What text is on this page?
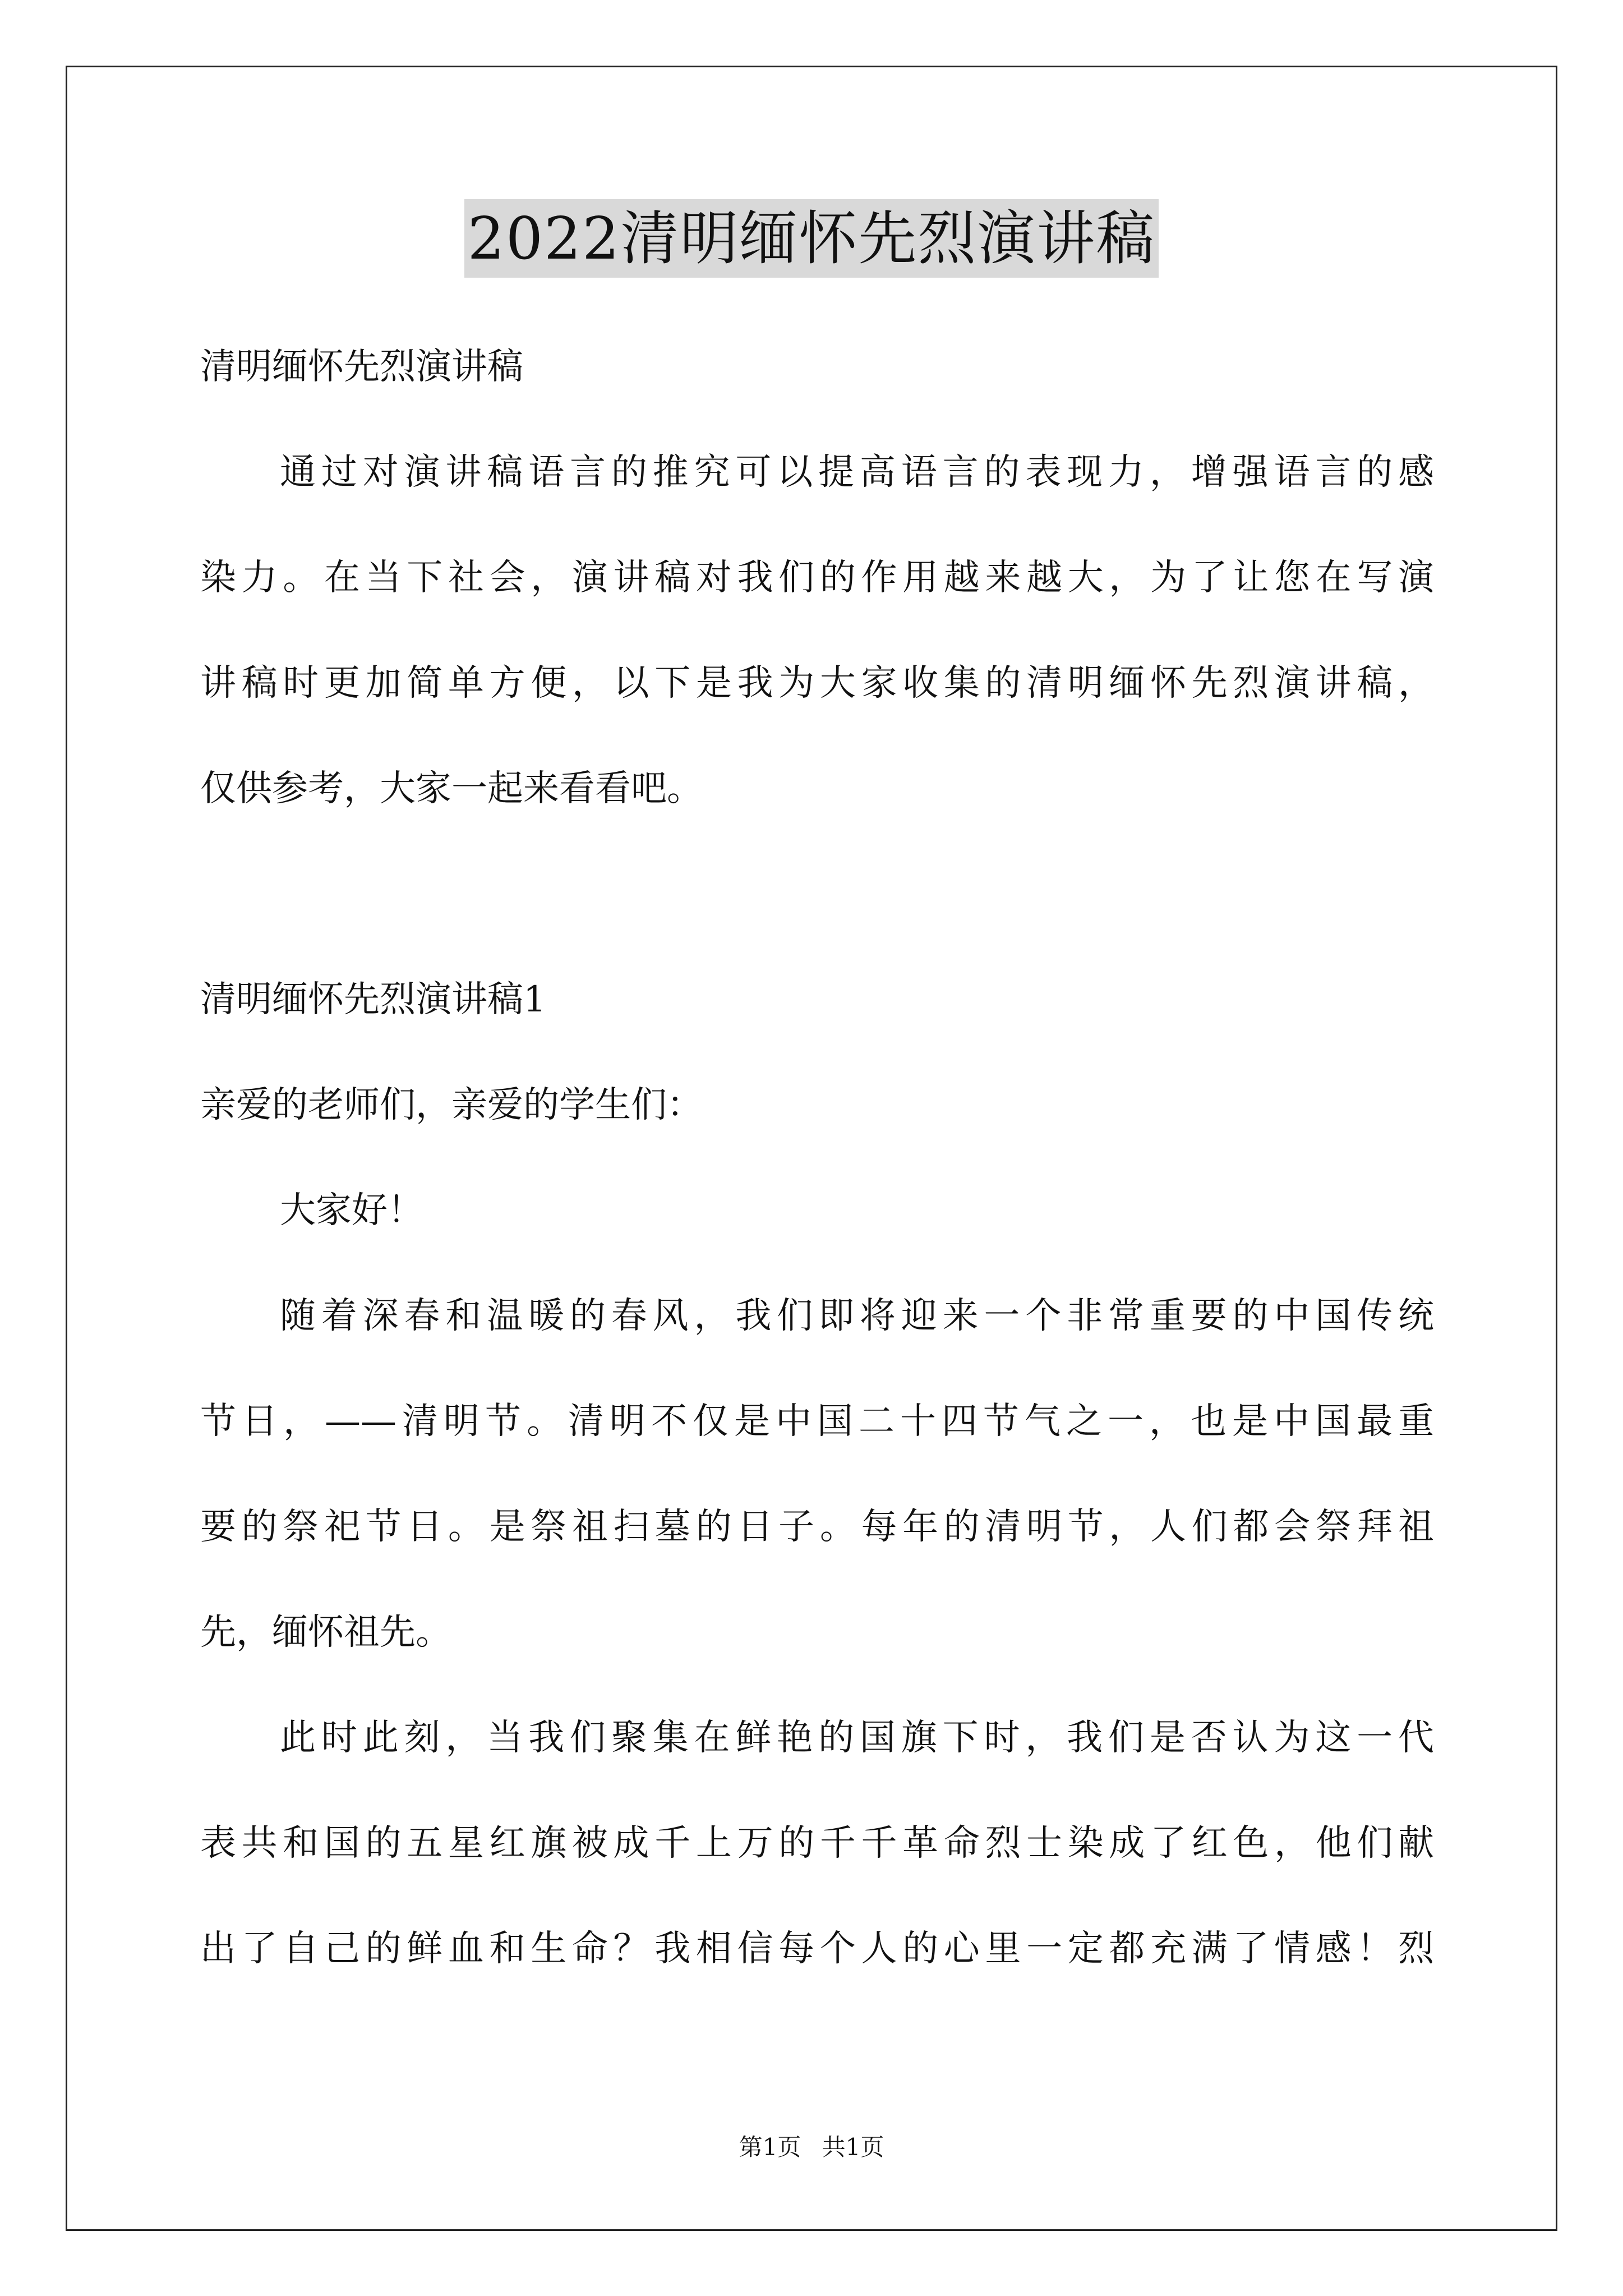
2022清明缅怀先烈演讲稿
清明缅怀先烈演讲稿
通过对演讲稿语言的推究可以提高语言的表现力，增强语言的感
染力。在当下社会，演讲稿对我们的作用越来越大，为了让您在写演
讲稿时更加简单方便，以下是我为大家收集的清明缅怀先烈演讲稿，
仅供参考，大家一起来看看吧。
清明缅怀先烈演讲稿1
亲爱的老师们，亲爱的学生们：
大家好！
随着深春和温暖的春风，我们即将迎来一个非常重要的中国传统
节日，——清明节。清明不仅是中国二十四节气之一，也是中国最重
要的祭祀节日。是祭祖扫墓的日子。每年的清明节，人们都会祭拜祖
先，缅怀祖先。
此时此刻，当我们聚集在鲜艳的国旗下时，我们是否认为这一代
表共和国的五星红旗被成千上万的千千革命烈士染成了红色，他们献
出了自己的鲜血和生命？我相信每个人的心里一定都充满了情感！烈
第1页 共1页
